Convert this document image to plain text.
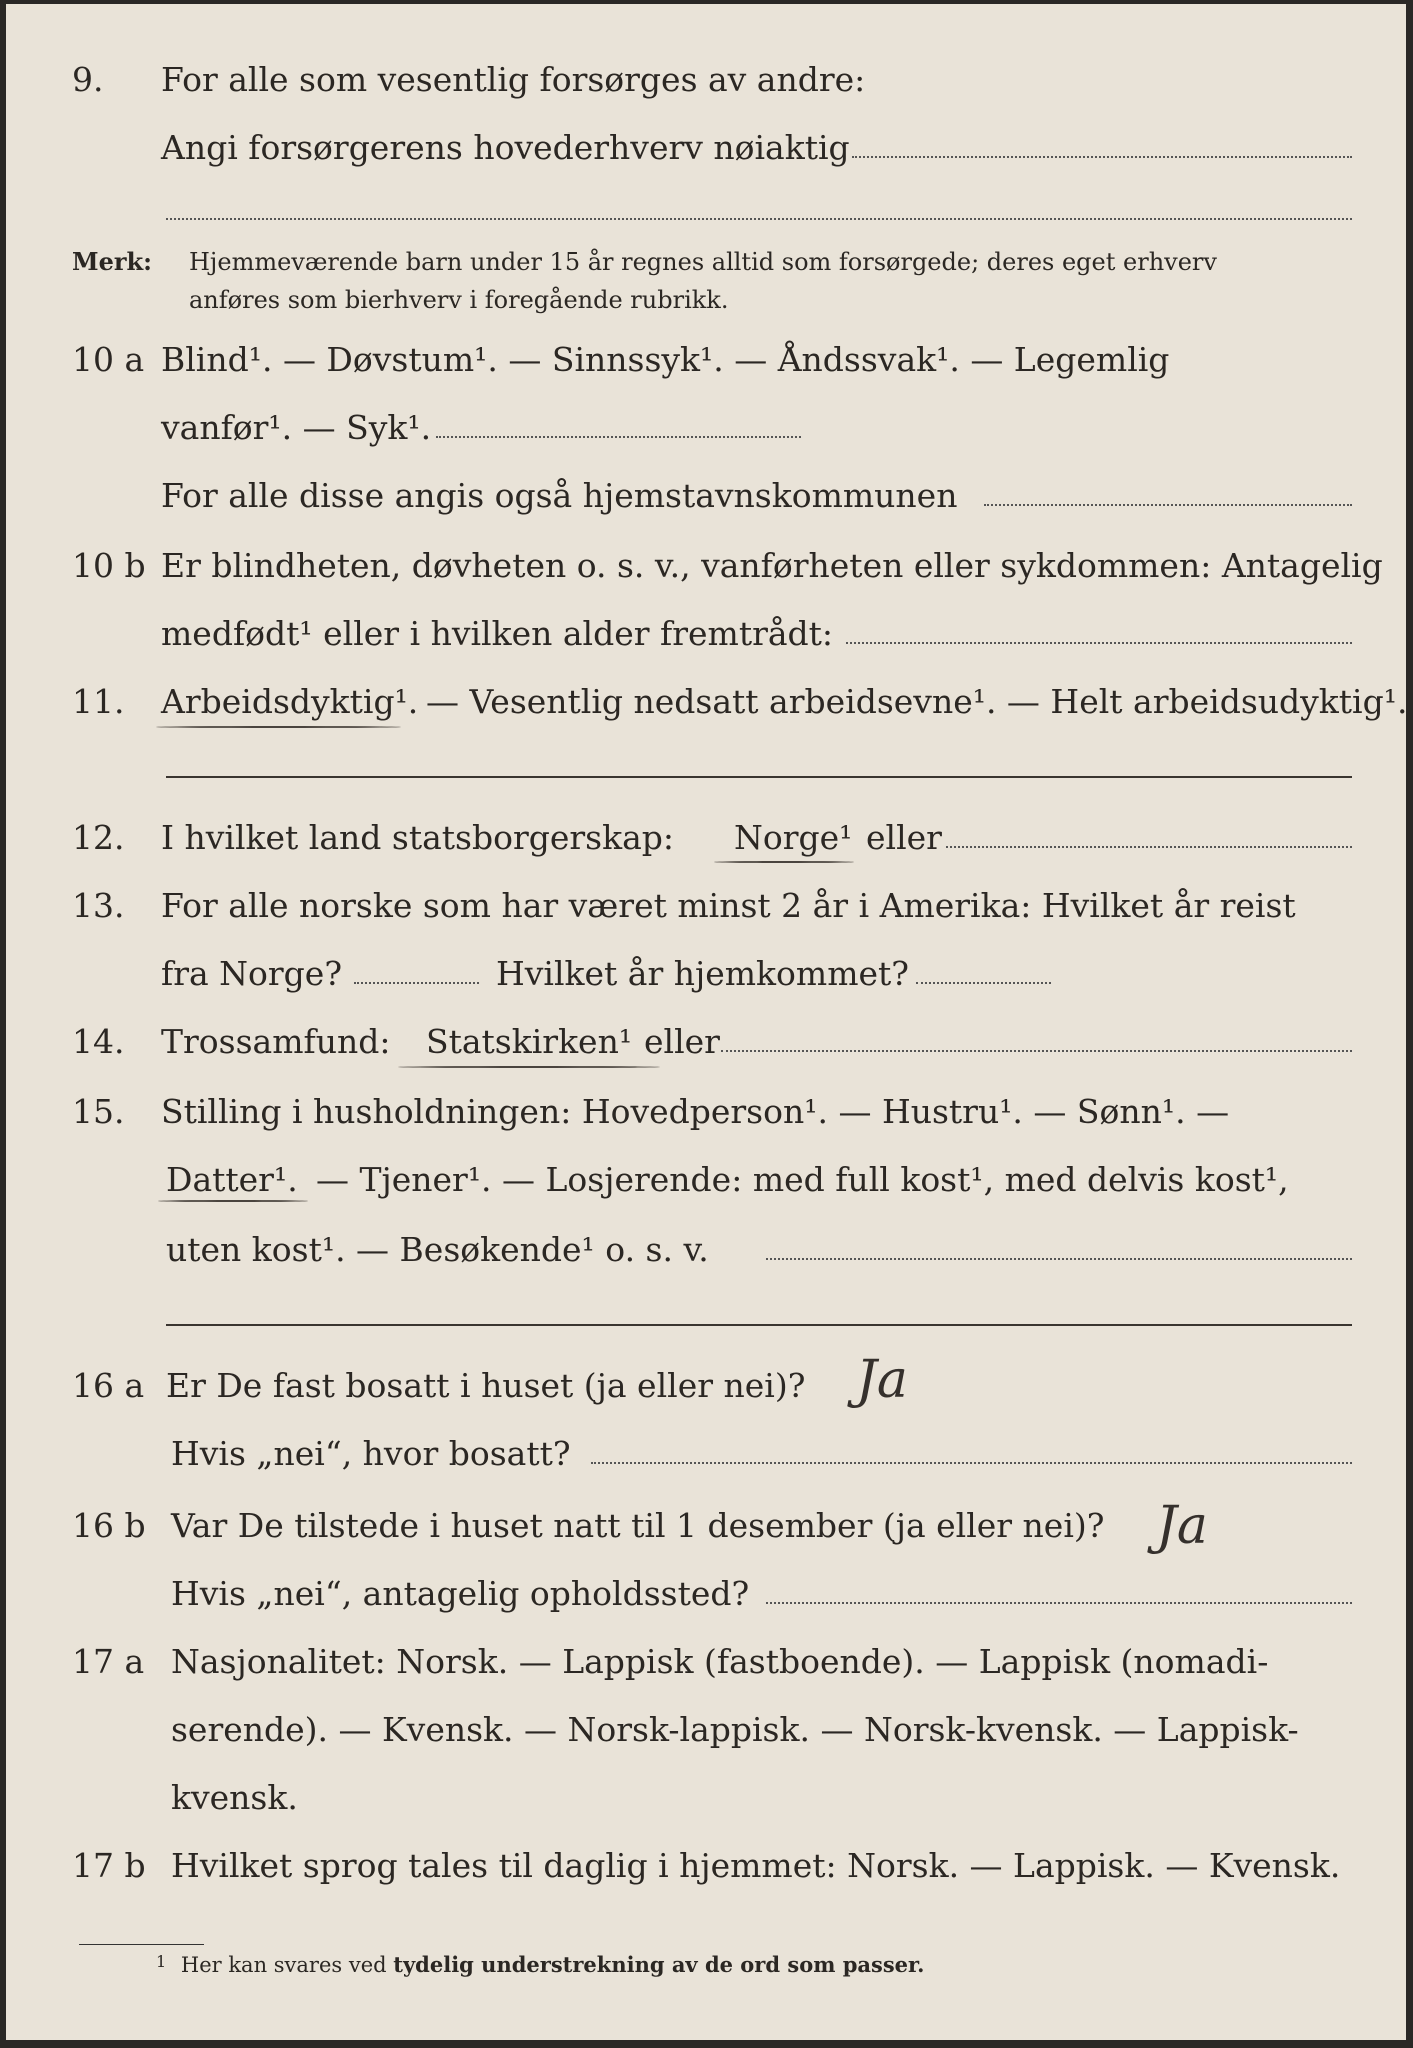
9. For alle som vesentlig forsørges av andre:
Angi forsørgerens hovederhverv nøiaktig
Merk: Hjemmeværende barn under 15 år regnes alltid som forsørgede; deres eget erhverv
anføres som bierhverv i foregående rubrikk.
10 a Blind¹. — Døvstum¹. — Sinnssyk¹. — Åndssvak¹. — Legemlig
vanfør¹. — Syk¹.
For alle disse angis også hjemstavnskommunen
10 b Er blindheten, døvheten o. s. v., vanførheten eller sykdommen: Antagelig
medfødt¹ eller i hvilken alder fremtrådt:
11. Arbeidsdyktig¹. — Vesentlig nedsatt arbeidsevne¹. — Helt arbeidsudyktig¹.
12. I hvilket land statsborgerskap: Norge¹ eller
13. For alle norske som har været minst 2 år i Amerika: Hvilket år reist
fra Norge?	Hvilket år hjemkommet?
14. Trossamfund: Statskirken¹ eller
15. Stilling i husholdningen: Hovedperson¹. — Hustru¹. — Sønn¹. —
Datter¹. — Tjener¹. — Losjerende: med full kost¹, med delvis kost¹,
uten kost¹. — Besøkende¹ o. s. v.
16 a Er De fast bosatt i huset (ja eller nei)? Ja
Hvis „nei“, hvor bosatt?
16 b Var De tilstede i huset natt til 1 desember (ja eller nei)? Ja
Hvis „nei“, antagelig opholdssted?
17 a Nasjonalitet: Norsk. — Lappisk (fastboende). — Lappisk (nomadi-
serende). — Kvensk. — Norsk-lappisk. — Norsk-kvensk. — Lappisk-
kvensk.
17 b Hvilket sprog tales til daglig i hjemmet: Norsk. — Lappisk. — Kvensk.
$^1$ Her kan svares ved tydelig understrekning av de ord som passer.
